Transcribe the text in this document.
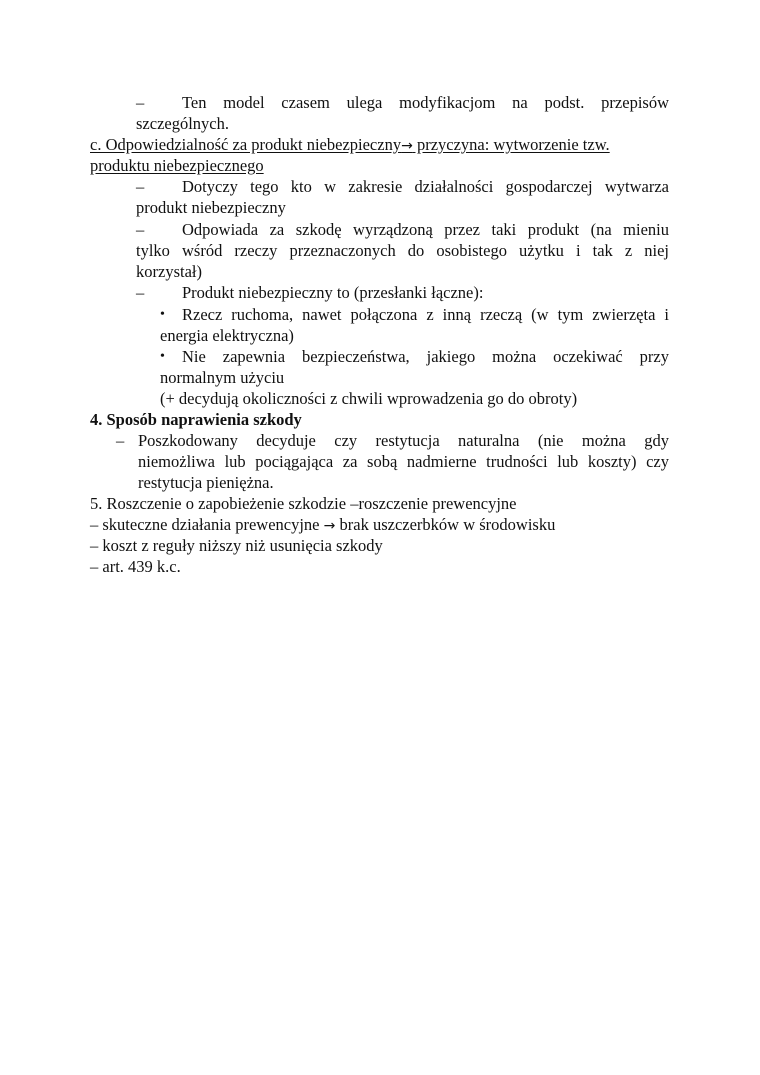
– Ten model czasem ulega modyfikacjom na podst. przepisów
szczególnych.
c. Odpowiedzialność za produkt niebezpieczny→ przyczyna: wytworzenie tzw.
produktu niebezpiecznego
– Dotyczy tego kto w zakresie działalności gospodarczej wytwarza
produkt niebezpieczny
– Odpowiada za szkodę wyrządzoną przez taki produkt (na mieniu
tylko wśród rzeczy przeznaczonych do osobistego użytku i tak z niej
korzystał)
– Produkt niebezpieczny to (przesłanki łączne):
• Rzecz ruchoma, nawet połączona z inną rzeczą (w tym zwierzęta i
energia elektryczna)
• Nie zapewnia bezpieczeństwa, jakiego można oczekiwać przy
normalnym użyciu
(+ decydują okoliczności z chwili wprowadzenia go do obroty)
4. Sposób naprawienia szkody
– Poszkodowany decyduje czy restytucja naturalna (nie można gdy
niemożliwa lub pociągająca za sobą nadmierne trudności lub koszty) czy
restytucja pieniężna.
5. Roszczenie o zapobieżenie szkodzie –roszczenie prewencyjne
– skuteczne działania prewencyjne → brak uszczerbków w środowisku
– koszt z reguły niższy niż usunięcia szkody
– art. 439 k.c.
